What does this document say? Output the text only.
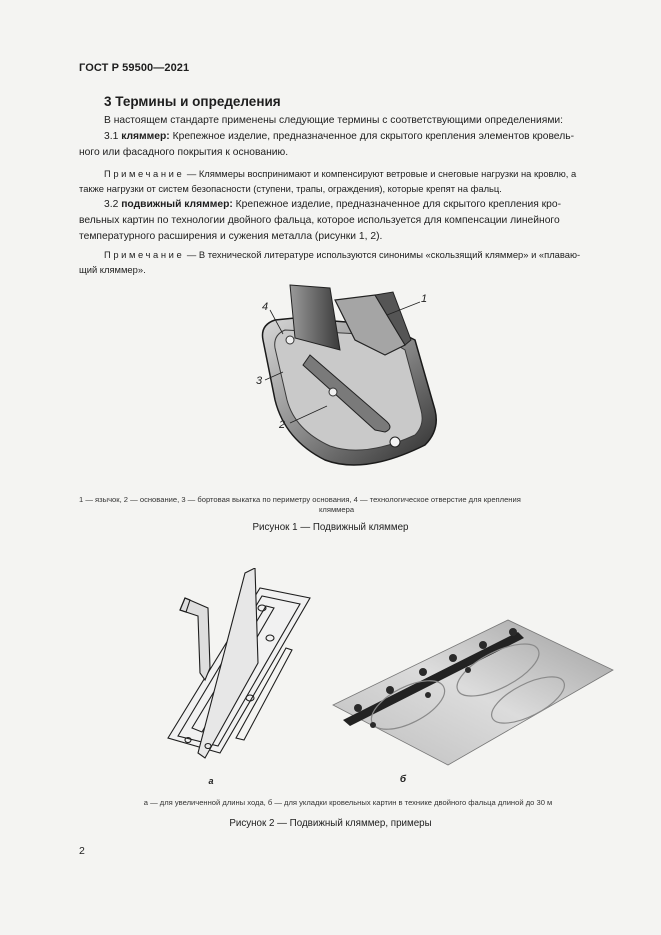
ГОСТ Р 59500—2021
3 Термины и определения
В настоящем стандарте применены следующие термины с соответствующими определениями:
3.1 кляммер: Крепежное изделие, предназначенное для скрытого крепления элементов кровель-
ного или фасадного покрытия к основанию.
Примечание — Кляммеры воспринимают и компенсируют ветровые и снеговые нагрузки на кровлю, а
также нагрузки от систем безопасности (ступени, трапы, ограждения), которые крепят на фальц.
3.2 подвижный кляммер: Крепежное изделие, предназначенное для скрытого крепления кро-
вельных картин по технологии двойного фальца, которое используется для компенсации линейного
температурного расширения и сужения металла (рисунки 1, 2).
Примечание — В технической литературе используются синонимы «скользящий кляммер» и «плаваю-
щий кляммер».
1
2
3
4
1 — язычок, 2 — основание, 3 — бортовая выкатка по периметру основания, 4 — технологическое отверстие для крепления
кляммера
Рисунок 1 — Подвижный кляммер
а	б
а — для увеличенной длины хода, б — для укладки кровельных картин в технике двойного фальца длиной до 30 м
Рисунок 2 — Подвижный кляммер, примеры
2
